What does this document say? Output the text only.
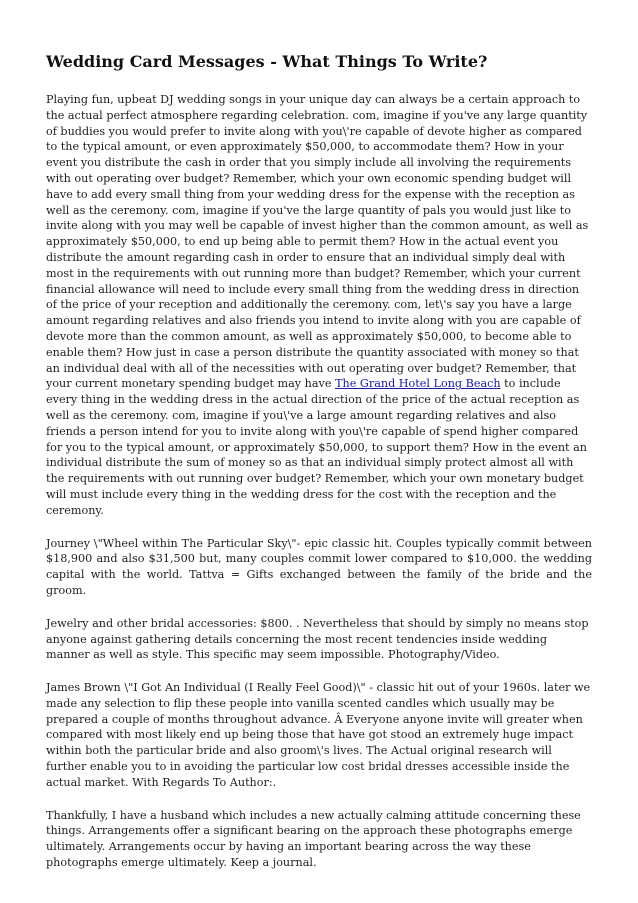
Wedding Card Messages - What Things To Write?

Playing fun, upbeat DJ wedding songs in your unique day can always be a certain approach to the actual perfect atmosphere regarding celebration. com, imagine if you've any large quantity of buddies you would prefer to invite along with you\'re capable of devote higher as compared to the typical amount, or even approximately $50,000, to accommodate them? How in your event you distribute the cash in order that you simply include all involving the requirements with out operating over budget? Remember, which your own economic spending budget will have to add every small thing from your wedding dress for the expense with the reception as well as the ceremony. com, imagine if you've the large quantity of pals you would just like to invite along with you may well be capable of invest higher than the common amount, as well as approximately $50,000, to end up being able to permit them? How in the actual event you distribute the amount regarding cash in order to ensure that an individual simply deal with most in the requirements with out running more than budget? Remember, which your current financial allowance will need to include every small thing from the wedding dress in direction of the price of your reception and additionally the ceremony. com, let\'s say you have a large amount regarding relatives and also friends you intend to invite along with you are capable of devote more than the common amount, as well as approximately $50,000, to become able to enable them? How just in case a person distribute the quantity associated with money so that an individual deal with all of the necessities with out operating over budget? Remember, that your current monetary spending budget may have The Grand Hotel Long Beach to include every thing in the wedding dress in the actual direction of the price of the actual reception as well as the ceremony. com, imagine if you\'ve a large amount regarding relatives and also friends a person intend for you to invite along with you\'re capable of spend higher compared for you to the typical amount, or approximately $50,000, to support them? How in the event an individual distribute the sum of money so as that an individual simply protect almost all with the requirements with out running over budget? Remember, which your own monetary budget will must include every thing in the wedding dress for the cost with the reception and the ceremony.

Journey \"Wheel within The Particular Sky\"- epic classic hit. Couples typically commit between $18,900 and also $31,500 but, many couples commit lower compared to $10,000. the wedding capital with the world. Tattva = Gifts exchanged between the family of the bride and the groom.

Jewelry and other bridal accessories: $800. . Nevertheless that should by simply no means stop anyone against gathering details concerning the most recent tendencies inside wedding manner as well as style. This specific may seem impossible. Photography/Video.

James Brown \"I Got An Individual (I Really Feel Good)\" - classic hit out of your 1960s. later we made any selection to flip these people into vanilla scented candles which usually may be prepared a couple of months throughout advance. Â Everyone anyone invite will greater when compared with most likely end up being those that have got stood an extremely huge impact within both the particular bride and also groom\'s lives. The Actual original research will further enable you to in avoiding the particular low cost bridal dresses accessible inside the actual market. With Regards To Author:.

Thankfully, I have a husband which includes a new actually calming attitude concerning these things. Arrangements offer a significant bearing on the approach these photographs emerge ultimately. Arrangements occur by having an important bearing across the way these photographs emerge ultimately. Keep a journal.
